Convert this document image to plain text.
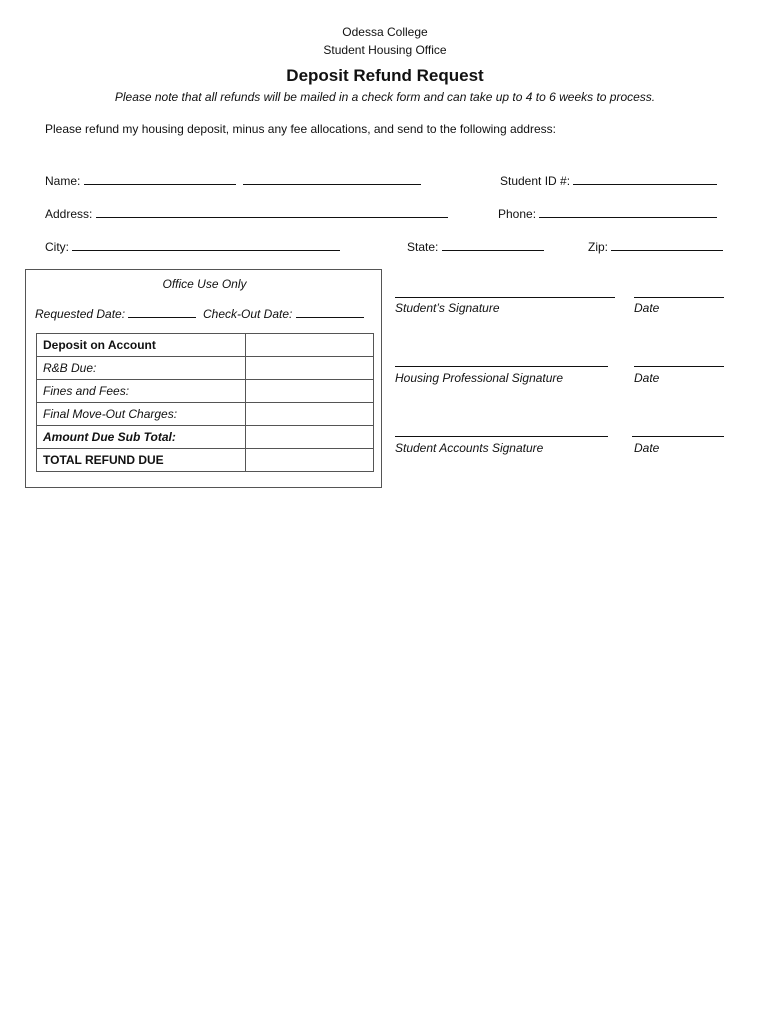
Odessa College
Student Housing Office
Deposit Refund Request
Please note that all refunds will be mailed in a check form and can take up to 4 to 6 weeks to process.
Please refund my housing deposit, minus any fee allocations, and send to the following address:
Name:	Student ID #:
Address:	Phone:
City:	State:	Zip:
Office Use Only
Requested Date:	Check-Out Date:
Deposit on Account	
R&B Due:	
Fines and Fees:	
Final Move-Out Charges:	
Amount Due Sub Total:	
TOTAL REFUND DUE	
Student’s Signature	Date
Housing Professional Signature	Date
Student Accounts Signature	Date
